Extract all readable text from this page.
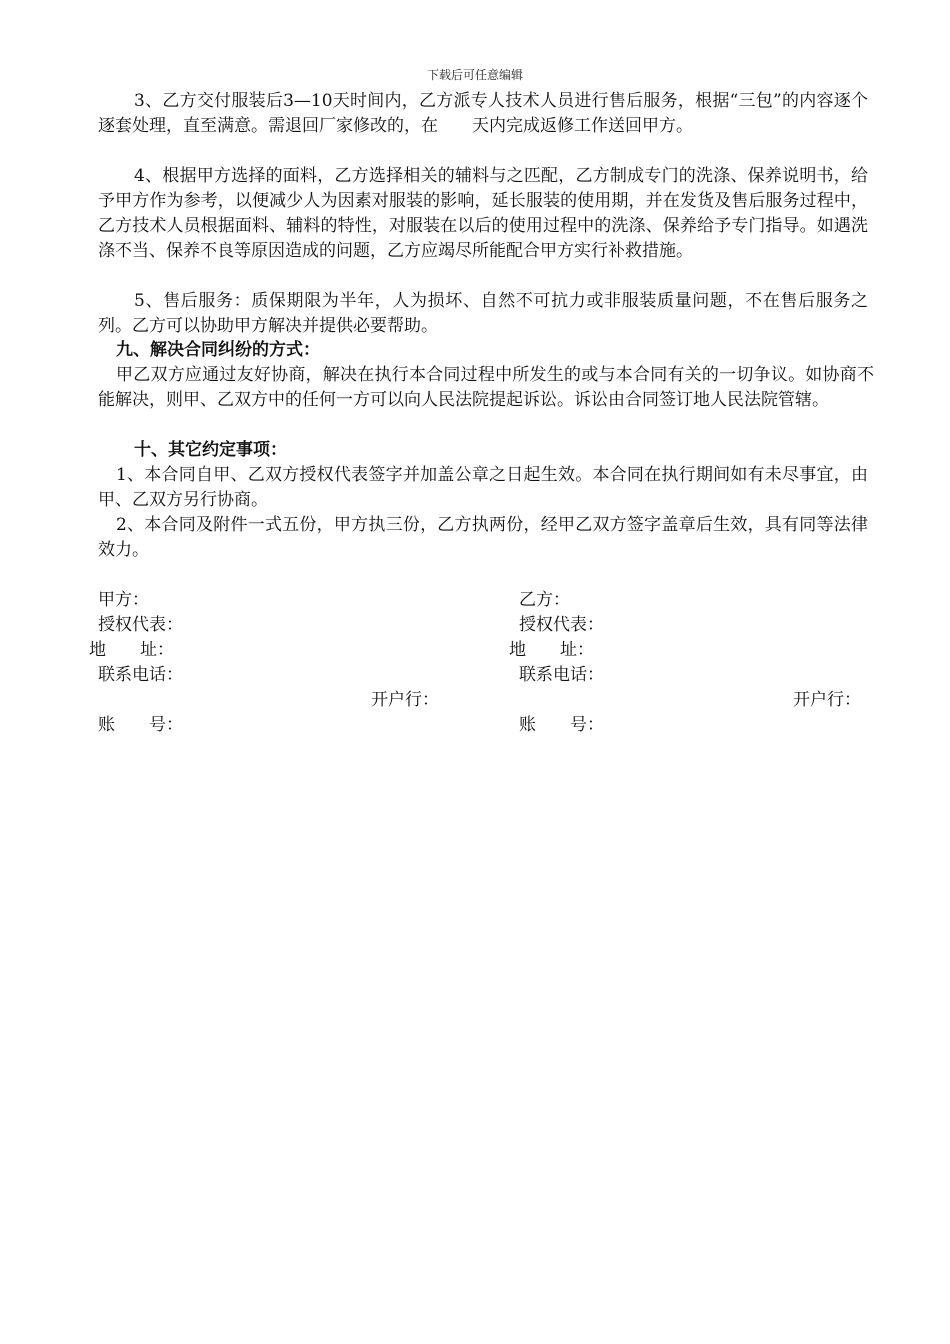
下载后可任意编辑

3、乙方交付服装后3—10天时间内，乙方派专人技术人员进行售后服务，根据“三包”的内容逐个逐套处理，直至满意。需退回厂家修改的，在　　天内完成返修工作送回甲方。

4、根据甲方选择的面料，乙方选择相关的辅料与之匹配，乙方制成专门的洗涤、保养说明书，给予甲方作为参考，以便减少人为因素对服装的影响，延长服装的使用期，并在发货及售后服务过程中，乙方技术人员根据面料、辅料的特性，对服装在以后的使用过程中的洗涤、保养给予专门指导。如遇洗涤不当、保养不良等原因造成的问题，乙方应竭尽所能配合甲方实行补救措施。

5、售后服务：质保期限为半年，人为损坏、自然不可抗力或非服装质量问题，不在售后服务之列。乙方可以协助甲方解决并提供必要帮助。

九、解决合同纠纷的方式：

甲乙双方应通过友好协商，解决在执行本合同过程中所发生的或与本合同有关的一切争议。如协商不能解决，则甲、乙双方中的任何一方可以向人民法院提起诉讼。诉讼由合同签订地人民法院管辖。

十、其它约定事项：

1、本合同自甲、乙双方授权代表签字并加盖公章之日起生效。本合同在执行期间如有未尽事宜，由甲、乙双方另行协商。

2、本合同及附件一式五份，甲方执三份，乙方执两份，经甲乙双方签字盖章后生效，具有同等法律效力。

甲方：
授权代表：
地　　址：
联系电话：
开户行：
账　　号：
乙方：
授权代表：
地　　址：
联系电话：
开户行：
账　　号：
